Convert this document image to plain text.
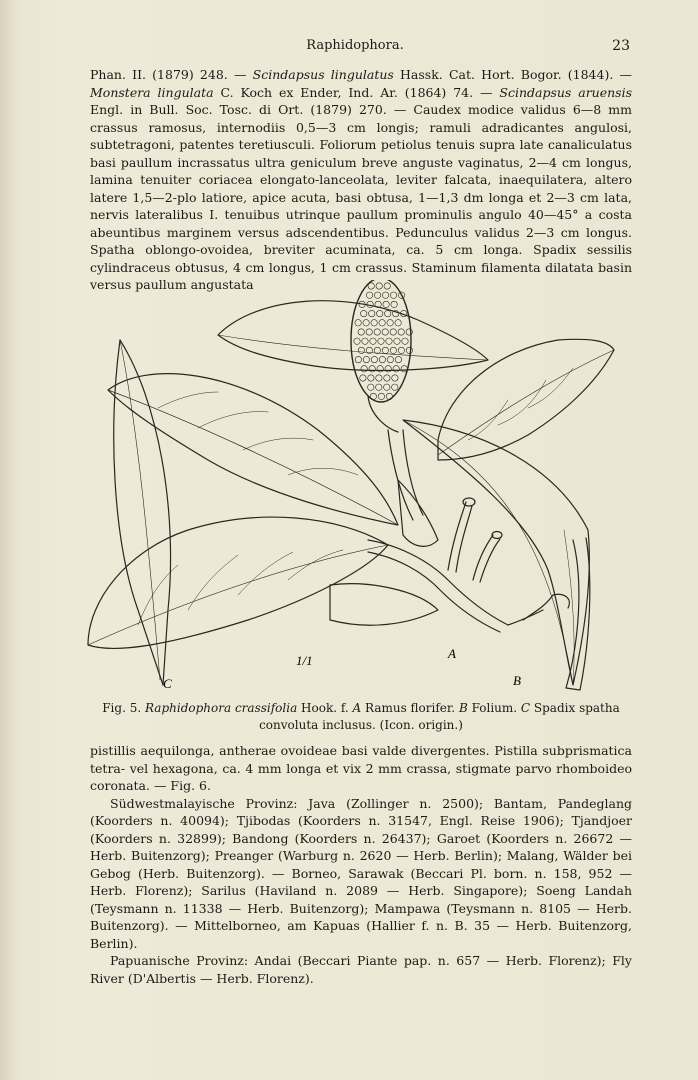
Raphidophora.	23

Phan. II. (1879) 248. — Scindapsus lingulatus Hassk. Cat. Hort. Bogor. (1844). — Monstera lingulata C. Koch ex Ender, Ind. Ar. (1864) 74. — Scindapsus aruensis Engl. in Bull. Soc. Tosc. di Ort. (1879) 270. — Caudex modice validus 6—8 mm crassus ramosus, internodiis 0,5—3 cm longis; ramuli adradicantes angulosi, subtetragoni, patentes teretiusculi. Foliorum petiolus tenuis supra late canaliculatus basi paullum incrassatus ultra geniculum breve anguste vaginatus, 2—4 cm longus, lamina tenuiter coriacea elongato-lanceolata, leviter falcata, inaequilatera, altero latere 1,5—2-plo latiore, apice acuta, basi obtusa, 1—1,3 dm longa et 2—3 cm lata, nervis lateralibus I. tenuibus utrinque paullum prominulis angulo 40—45° a costa abeuntibus marginem versus adscendentibus. Pedunculus validus 2—3 cm longus. Spatha oblongo-ovoidea, breviter acuminata, ca. 5 cm longa. Spadix sessilis cylindraceus obtusus, 4 cm longus, 1 cm crassus. Staminum filamenta dilatata basin versus paullum angustata

C
A
B
1/1
Fig. 5. Raphidophora crassifolia Hook. f. A Ramus florifer. B Folium. C Spadix spatha convoluta inclusus. (Icon. origin.)

pistillis aequilonga, antherae ovoideae basi valde divergentes. Pistilla subprismatica tetra- vel hexagona, ca. 4 mm longa et vix 2 mm crassa, stigmate parvo rhomboideo coronata. — Fig. 6.

Südwestmalayische Provinz: Java (Zollinger n. 2500); Bantam, Pandeglang (Koorders n. 40094); Tjibodas (Koorders n. 31547, Engl. Reise 1906); Tjandjoer (Koorders n. 32899); Bandong (Koorders n. 26437); Garoet (Koorders n. 26672 — Herb. Buitenzorg); Preanger (Warburg n. 2620 — Herb. Berlin); Malang, Wälder bei Gebog (Herb. Buitenzorg). — Borneo, Sarawak (Beccari Pl. born. n. 158, 952 — Herb. Florenz); Sarilus (Haviland n. 2089 — Herb. Singapore); Soeng Landah (Teysmann n. 11338 — Herb. Buitenzorg); Mampawa (Teysmann n. 8105 — Herb. Buitenzorg). — Mittelborneo, am Kapuas (Hallier f. n. B. 35 — Herb. Buitenzorg, Berlin).

Papuanische Provinz: Andai (Beccari Piante pap. n. 657 — Herb. Florenz); Fly River (D'Albertis — Herb. Florenz).
